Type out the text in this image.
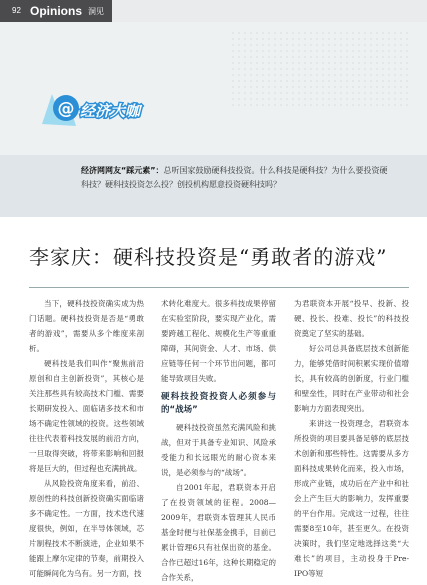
92 Opinions 洞见
@ 经济大咖

经济网网友“踩元素”：总听国家鼓励硬科技投资。什么科技是硬科技？为什么要投资硬科技？硬科技投资怎么投？创投机构愿意投资硬科技吗？

李家庆：硬科技投资是“勇敢者的游戏”

当下，硬科技投资确实成为热门话题。硬科技投资是否是“勇敢者的游戏”，需要从多个维度来剖析。

硬科技是我们叫作“聚焦前沿原创和自主创新投资”，其核心是关注那些具有较高技术门槛、需要长期研发投入、面临诸多技术和市场不确定性领域的投资。这些领域往往代表着科技发展的前沿方向，一旦取得突破，将带来影响和回报将是巨大的，但过程也充满挑战。

从风险投资角度来看，前沿、原创性的科技创新投资确实面临诸多不确定性。一方面，技术迭代速度很快，例如，在半导体领域，芯片制程技术不断演进，企业如果不能跟上摩尔定律的节奏，前期投入可能瞬间化为乌有。另一方面，技

术转化难度大。很多科技成果停留在实验室阶段，要实现产业化，需要跨越工程化、规模化生产等重重障碍，其间资金、人才、市场、供应链等任何一个环节出问题，都可能导致项目失败。

硬科技投资投资人必须参与的“战场”

硬科技投资虽然充满风险和挑战，但对于具备专业知识、风险承受能力和长远眼光的耐心资本来说，是必须参与的“战场”。

自2001年起，君联资本开启了在投资领域的征程。2008—2009年，君联资本管理其人民币基金时便与社保基金携手，目前已累计管理6只有社保出资的基金。合作已超过16年，这种长期稳定的合作关系，

为君联资本开展“投早、投新、投硬、投长、投难、投长”的科技投资奠定了坚实的基础。

好公司总具备底层技术创新能力，能够凭借时间积累实现价值增长，具有较高的创新度，行业门槛和壁垒性，同时在产业带动和社会影响力方面表现突出。

来讲这一投资理念，君联资本所投资的项目要具备足够的底层技术创新和那些特性。这需要从多方面科技成果转化而来，投入市场，形成产业链，成功后在产业中和社会上产生巨大的影响力，发挥重要的平台作用。完成这一过程，往往需要8至10年，甚至更久。在投资决策时，我们坚定地选择这类“大难长”的项目，主动投身于Pre-IPO等短
